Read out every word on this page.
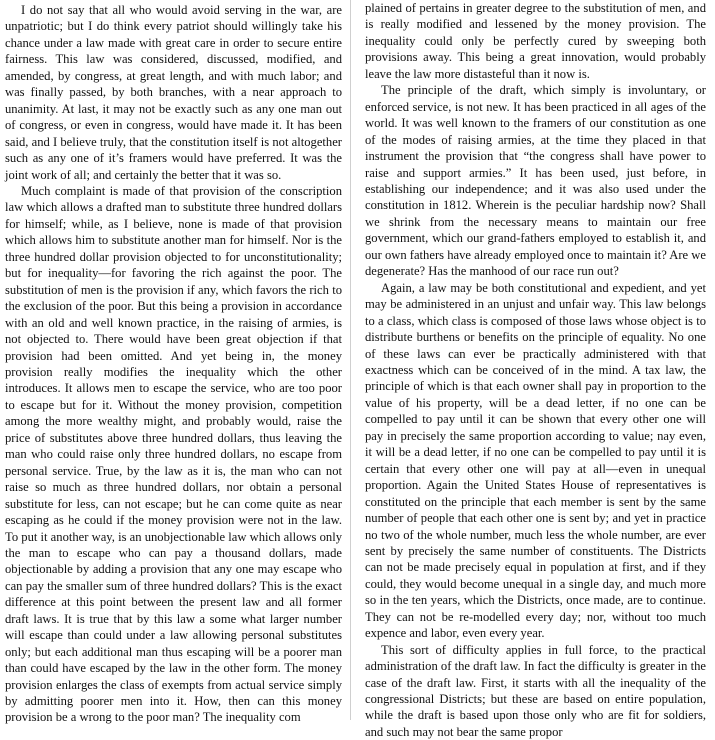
I do not say that all who would avoid serving in the war, are unpatriotic; but I do think every patriot should willingly take his chance under a law made with great care in order to secure entire fairness. This law was considered, discussed, modified, and amended, by congress, at great length, and with much labor; and was finally passed, by both branches, with a near approach to unanimity. At last, it may not be exactly such as any one man out of congress, or even in congress, would have made it. It has been said, and I believe truly, that the constitution itself is not altogether such as any one of it’s framers would have preferred. It was the joint work of all; and certainly the better that it was so.

Much complaint is made of that provision of the conscription law which allows a drafted man to substitute three hundred dollars for himself; while, as I believe, none is made of that provision which allows him to substitute another man for himself. Nor is the three hundred dollar provision objected to for unconstitutionality; but for inequality—for favoring the rich against the poor. The substitution of men is the provision if any, which favors the rich to the exclusion of the poor. But this being a provision in accordance with an old and well known practice, in the raising of armies, is not objected to. There would have been great objection if that provision had been omitted. And yet being in, the money provision really modifies the inequality which the other introduces. It allows men to escape the service, who are too poor to escape but for it. Without the money provision, competition among the more wealthy might, and probably would, raise the price of substitutes above three hundred dollars, thus leaving the man who could raise only three hundred dollars, no escape from personal service. True, by the law as it is, the man who can not raise so much as three hundred dollars, nor obtain a personal substitute for less, can not escape; but he can come quite as near escaping as he could if the money provision were not in the law. To put it another way, is an unobjectionable law which allows only the man to escape who can pay a thousand dollars, made objectionable by adding a provision that any one may escape who can pay the smaller sum of three hundred dollars? This is the exact difference at this point between the present law and all former draft laws. It is true that by this law a some what larger number will escape than could under a law allowing personal substitutes only; but each additional man thus escaping will be a poorer man than could have escaped by the law in the other form. The money provision enlarges the class of exempts from actual service simply by admitting poorer men into it. How, then can this money provision be a wrong to the poor man? The inequality com

plained of pertains in greater degree to the substitution of men, and is really modified and lessened by the money provision. The inequality could only be perfectly cured by sweeping both provisions away. This being a great innovation, would probably leave the law more distasteful than it now is.

The principle of the draft, which simply is involuntary, or enforced service, is not new. It has been practiced in all ages of the world. It was well known to the framers of our constitution as one of the modes of raising armies, at the time they placed in that instrument the provision that “the congress shall have power to raise and support armies.” It has been used, just before, in establishing our independence; and it was also used under the constitution in 1812. Wherein is the peculiar hardship now? Shall we shrink from the necessary means to maintain our free government, which our grand-fathers employed to establish it, and our own fathers have already employed once to maintain it? Are we degenerate? Has the manhood of our race run out?

Again, a law may be both constitutional and expedient, and yet may be administered in an unjust and unfair way. This law belongs to a class, which class is composed of those laws whose object is to distribute burthens or benefits on the principle of equality. No one of these laws can ever be practically administered with that exactness which can be conceived of in the mind. A tax law, the principle of which is that each owner shall pay in proportion to the value of his property, will be a dead letter, if no one can be compelled to pay until it can be shown that every other one will pay in precisely the same proportion according to value; nay even, it will be a dead letter, if no one can be compelled to pay until it is certain that every other one will pay at all—even in unequal proportion. Again the United States House of representatives is constituted on the principle that each member is sent by the same number of people that each other one is sent by; and yet in practice no two of the whole number, much less the whole number, are ever sent by precisely the same number of constituents. The Districts can not be made precisely equal in population at first, and if they could, they would become unequal in a single day, and much more so in the ten years, which the Districts, once made, are to continue. They can not be re-modelled every day; nor, without too much expence and labor, even every year.

This sort of difficulty applies in full force, to the practical administration of the draft law. In fact the difficulty is greater in the case of the draft law. First, it starts with all the inequality of the congressional Districts; but these are based on entire population, while the draft is based upon those only who are fit for soldiers, and such may not bear the same propor
